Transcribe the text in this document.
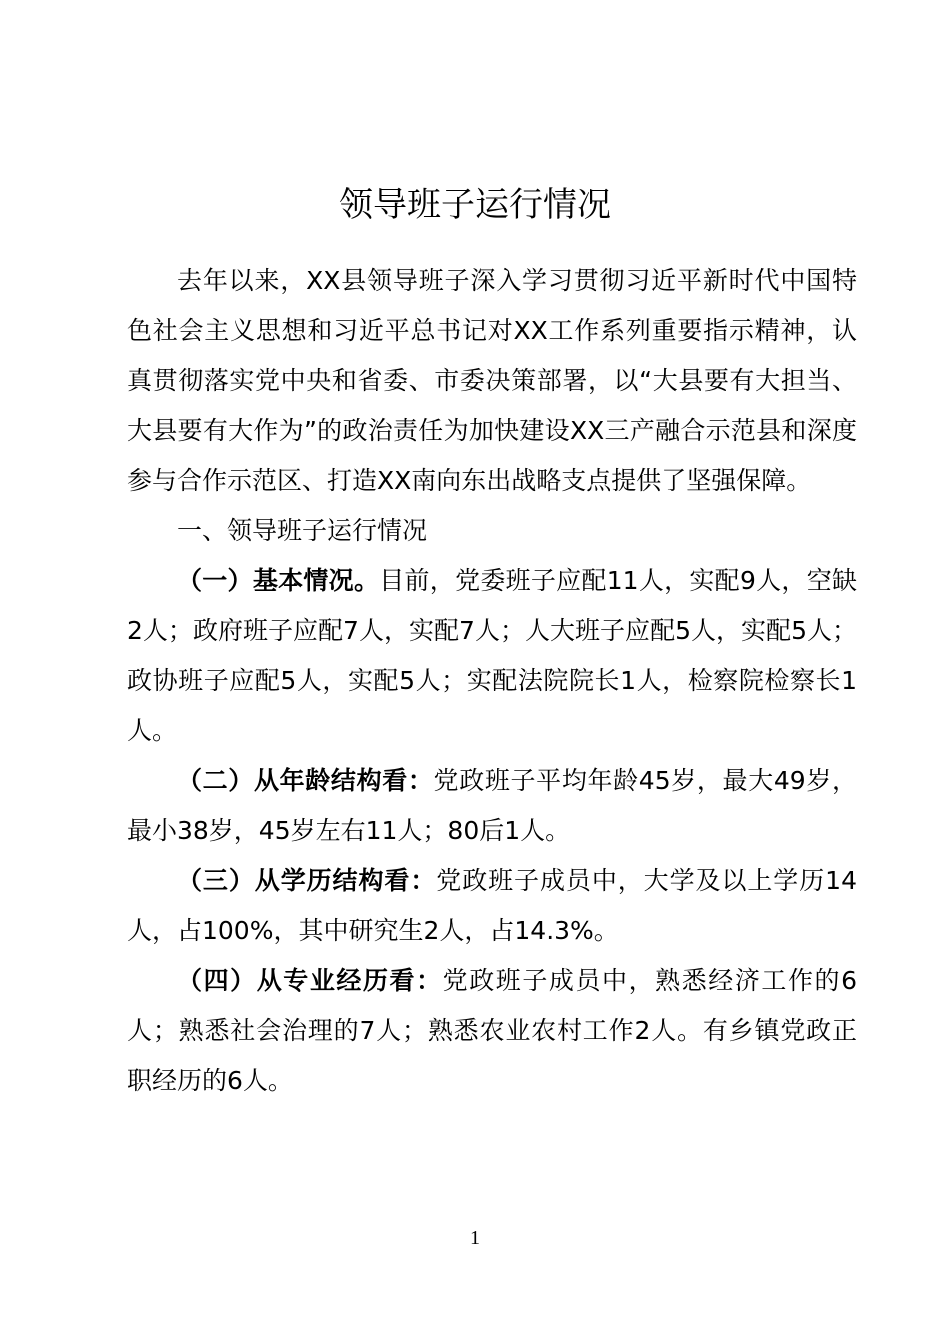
领导班子运行情况

去年以来，XX县领导班子深入学习贯彻习近平新时代中国特色社会主义思想和习近平总书记对XX工作系列重要指示精神，认真贯彻落实党中央和省委、市委决策部署，以“大县要有大担当、大县要有大作为”的政治责任为加快建设XX三产融合示范县和深度参与合作示范区、打造XX南向东出战略支点提供了坚强保障。

一、领导班子运行情况

（一）基本情况。目前，党委班子应配11人，实配9人，空缺2人；政府班子应配7人，实配7人；人大班子应配5人，实配5人；政协班子应配5人，实配5人；实配法院院长1人，检察院检察长1人。

（二）从年龄结构看：党政班子平均年龄45岁，最大49岁，最小38岁，45岁左右11人；80后1人。

（三）从学历结构看：党政班子成员中，大学及以上学历14人，占100%，其中研究生2人，占14.3%。

（四）从专业经历看：党政班子成员中，熟悉经济工作的6人；熟悉社会治理的7人；熟悉农业农村工作2人。有乡镇党政正职经历的6人。

1
